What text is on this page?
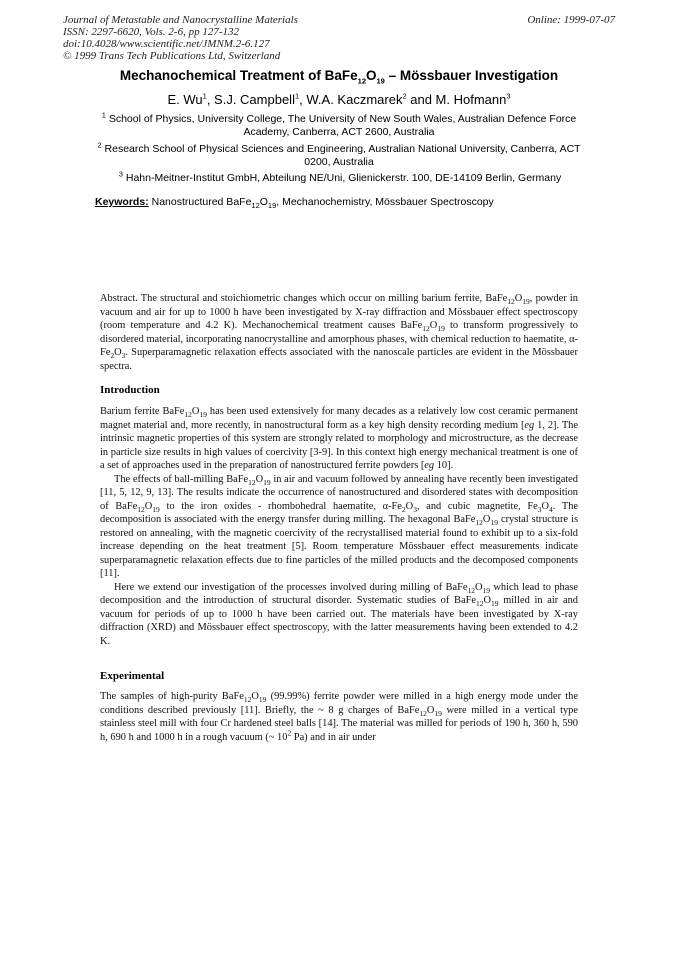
Journal of Metastable and Nanocrystalline Materials
ISSN: 2297-6620, Vols. 2-6, pp 127-132
doi:10.4028/www.scientific.net/JMNM.2-6.127
© 1999 Trans Tech Publications Ltd, Switzerland
Online: 1999-07-07
Mechanochemical Treatment of $BaFe_{12}O_{19}$ – Mössbauer Investigation
E. Wu$^1$, S.J. Campbell$^1$, W.A. Kaczmarek$^2$ and M. Hofmann$^3$
$^1$ School of Physics, University College, The University of New South Wales, Australian Defence Force Academy, Canberra, ACT 2600, Australia
$^2$ Research School of Physical Sciences and Engineering, Australian National University, Canberra, ACT 0200, Australia
$^3$ Hahn-Meitner-Institut GmbH, Abteilung NE/Uni, Glienickerstr. 100, DE-14109 Berlin, Germany
Keywords: Nanostructured $BaFe_{12}O_{19}$, Mechanochemistry, Mössbauer Spectroscopy
Abstract. The structural and stoichiometric changes which occur on milling barium ferrite, $BaFe_{12}O_{19}$, powder in vacuum and air for up to 1000 h have been investigated by X-ray diffraction and Mössbauer effect spectroscopy (room temperature and 4.2 K). Mechanochemical treatment causes $BaFe_{12}O_{19}$ to transform progressively to disordered material, incorporating nanocrystalline and amorphous phases, with chemical reduction to haematite, $\alpha-Fe_2O_3$. Superparamagnetic relaxation effects associated with the nanoscale particles are evident in the Mössbauer spectra.
Introduction
Barium ferrite $BaFe_{12}O_{19}$ has been used extensively for many decades as a relatively low cost ceramic permanent magnet material and, more recently, in nanostructural form as a key high density recording medium [eg 1, 2]. The intrinsic magnetic properties of this system are strongly related to morphology and microstructure, as the decrease in particle size results in high values of coercivity [3-9]. In this context high energy mechanical treatment is one of a set of approaches used in the preparation of nanostructured ferrite powders [eg 10].
The effects of ball-milling $BaFe_{12}O_{19}$ in air and vacuum followed by annealing have recently been investigated [11, 5, 12, 9, 13]. The results indicate the occurrence of nanostructured and disordered states with decomposition of $BaFe_{12}O_{19}$ to the iron oxides - rhombohedral haematite, $\alpha-Fe_2O_3$, and cubic magnetite, $Fe_3O_4$. The decomposition is associated with the energy transfer during milling. The hexagonal $BaFe_{12}O_{19}$ crystal structure is restored on annealing, with the magnetic coercivity of the recrystallised material found to exhibit up to a six-fold increase depending on the heat treatment [5]. Room temperature Mössbauer effect measurements indicate superparamagnetic relaxation effects due to fine particles of the milled products and the decomposed components [11].
Here we extend our investigation of the processes involved during milling of $BaFe_{12}O_{19}$ which lead to phase decomposition and the introduction of structural disorder. Systematic studies of $BaFe_{12}O_{19}$ milled in air and vacuum for periods of up to 1000 h have been carried out. The materials have been investigated by X-ray diffraction (XRD) and Mössbauer effect spectroscopy, with the latter measurements having been extended to 4.2 K.
Experimental
The samples of high-purity $BaFe_{12}O_{19}$ (99.99%) ferrite powder were milled in a high energy mode under the conditions described previously [11]. Briefly, the ~ 8 g charges of $BaFe_{12}O_{19}$ were milled in a vertical type stainless steel mill with four Cr hardened steel balls [14]. The material was milled for periods of 190 h, 360 h, 590 h, 690 h and 1000 h in a rough vacuum (~ $10^2$ Pa) and in air under
